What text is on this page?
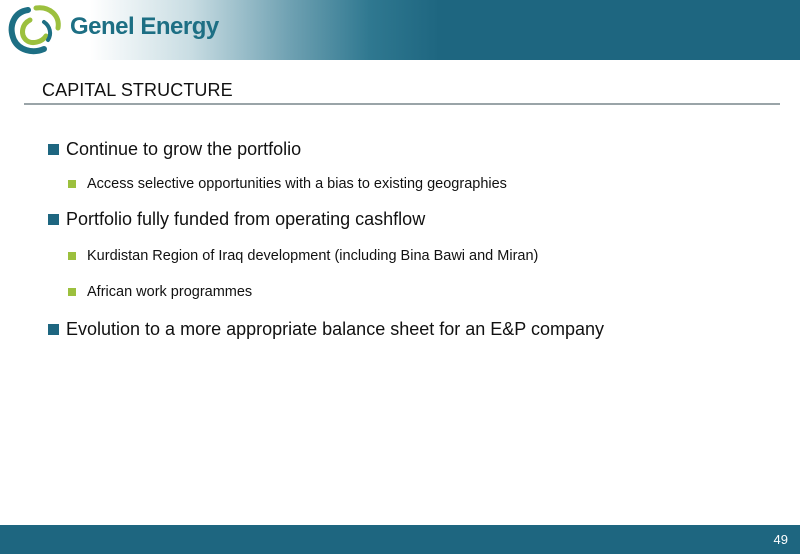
Genel Energy
CAPITAL STRUCTURE
Continue to grow the portfolio
Access selective opportunities with a bias to existing geographies
Portfolio fully funded from operating cashflow
Kurdistan Region of Iraq development (including Bina Bawi and Miran)
African work programmes
Evolution to a more appropriate balance sheet for an E&P company
49
